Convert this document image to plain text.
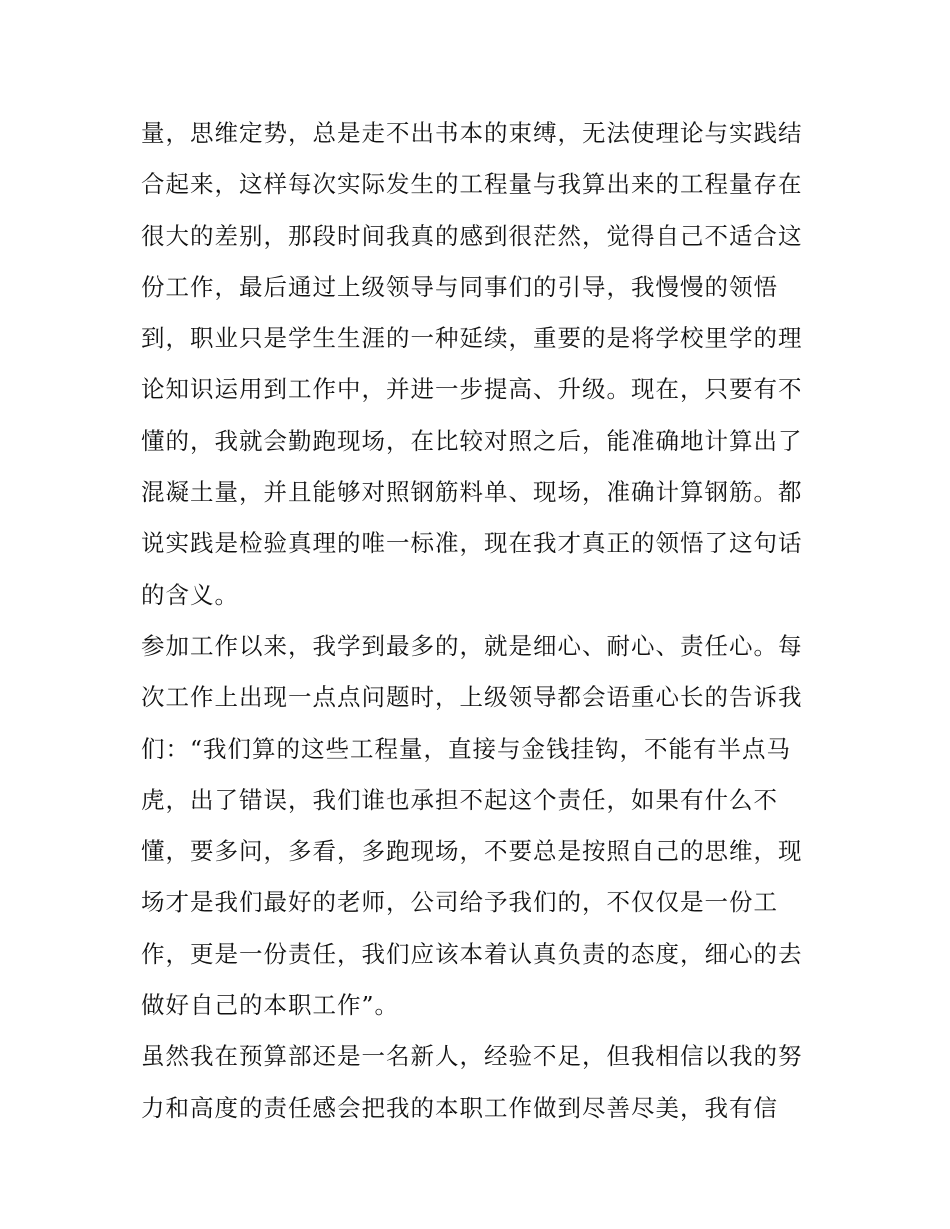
量，思维定势，总是走不出书本的束缚，无法使理论与实践结
合起来，这样每次实际发生的工程量与我算出来的工程量存在
很大的差别，那段时间我真的感到很茫然，觉得自己不适合这
份工作，最后通过上级领导与同事们的引导，我慢慢的领悟
到，职业只是学生生涯的一种延续，重要的是将学校里学的理
论知识运用到工作中，并进一步提高、升级。现在，只要有不
懂的，我就会勤跑现场，在比较对照之后，能准确地计算出了
混凝土量，并且能够对照钢筋料单、现场，准确计算钢筋。都
说实践是检验真理的唯一标准，现在我才真正的领悟了这句话
的含义。
参加工作以来，我学到最多的，就是细心、耐心、责任心。每
次工作上出现一点点问题时，上级领导都会语重心长的告诉我
们：“我们算的这些工程量，直接与金钱挂钩，不能有半点马
虎，出了错误，我们谁也承担不起这个责任，如果有什么不
懂，要多问，多看，多跑现场，不要总是按照自己的思维，现
场才是我们最好的老师，公司给予我们的，不仅仅是一份工
作，更是一份责任，我们应该本着认真负责的态度，细心的去
做好自己的本职工作”。
虽然我在预算部还是一名新人，经验不足，但我相信以我的努
力和高度的责任感会把我的本职工作做到尽善尽美，我有信
